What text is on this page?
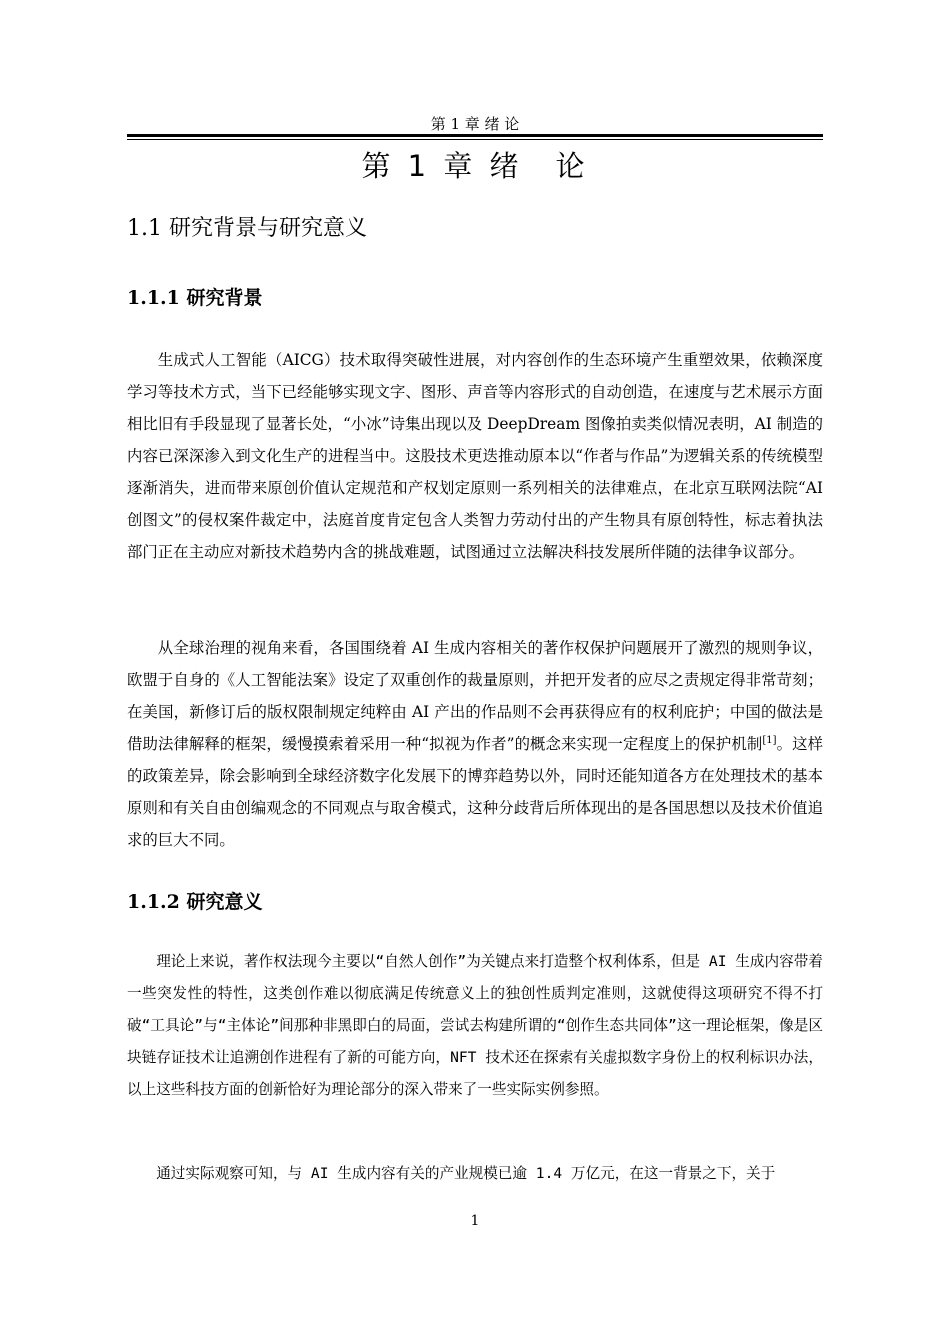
第 1 章 绪 论
第 1 章 绪　论
1.1 研究背景与研究意义
1.1.1 研究背景

生成式人工智能（AICG）技术取得突破性进展，对内容创作的生态环境产生重塑效果，依赖深度学习等技术方式，当下已经能够实现文字、图形、声音等内容形式的自动创造，在速度与艺术展示方面相比旧有手段显现了显著长处，“小冰”诗集出现以及 DeepDream 图像拍卖类似情况表明，AI 制造的内容已深深渗入到文化生产的进程当中。这股技术更迭推动原本以“作者与作品”为逻辑关系的传统模型逐渐消失，进而带来原创价值认定规范和产权划定原则一系列相关的法律难点，在北京互联网法院“AI 创图文”的侵权案件裁定中，法庭首度肯定包含人类智力劳动付出的产生物具有原创特性，标志着执法部门正在主动应对新技术趋势内含的挑战难题，试图通过立法解决科技发展所伴随的法律争议部分。

从全球治理的视角来看，各国围绕着 AI 生成内容相关的著作权保护问题展开了激烈的规则争议，欧盟于自身的《人工智能法案》设定了双重创作的裁量原则，并把开发者的应尽之责规定得非常苛刻；在美国，新修订后的版权限制规定纯粹由 AI 产出的作品则不会再获得应有的权利庇护；中国的做法是借助法律解释的框架，缓慢摸索着采用一种“拟视为作者”的概念来实现一定程度上的保护机制[1]。这样的政策差异，除会影响到全球经济数字化发展下的博弈趋势以外，同时还能知道各方在处理技术的基本原则和有关自由创编观念的不同观点与取舍模式，这种分歧背后所体现出的是各国思想以及技术价值追求的巨大不同。

1.1.2 研究意义

理论上来说，著作权法现今主要以“自然人创作”为关键点来打造整个权利体系，但是 AI 生成内容带着一些突发性的特性，这类创作难以彻底满足传统意义上的独创性质判定准则，这就使得这项研究不得不打破“工具论”与“主体论”间那种非黑即白的局面，尝试去构建所谓的“创作生态共同体”这一理论框架，像是区块链存证技术让追溯创作进程有了新的可能方向，NFT 技术还在探索有关虚拟数字身份上的权利标识办法，以上这些科技方面的创新恰好为理论部分的深入带来了一些实际实例参照。

通过实际观察可知，与 AI 生成内容有关的产业规模已逾 1.4 万亿元，在这一背景之下，关于

1
